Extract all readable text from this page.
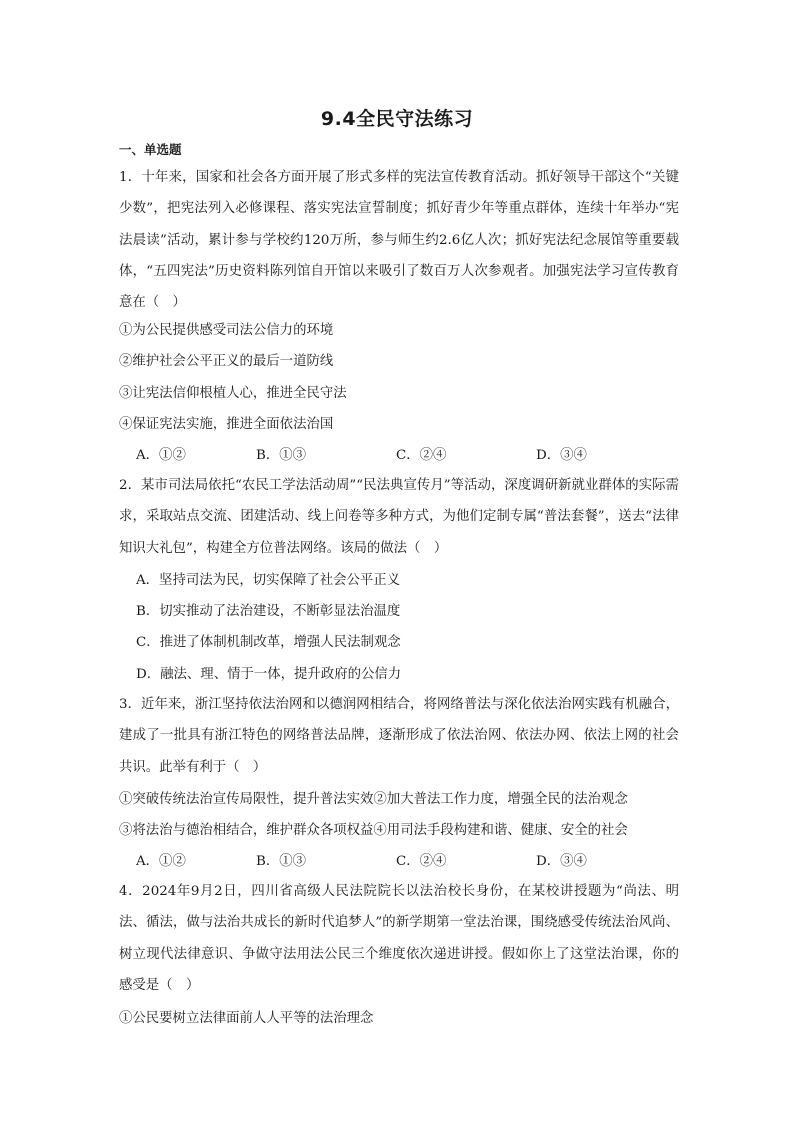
9.4全民守法练习
一、单选题
1．十年来，国家和社会各方面开展了形式多样的宪法宣传教育活动。抓好领导干部这个“关键少数”，把宪法列入必修课程、落实宪法宣誓制度；抓好青少年等重点群体，连续十年举办“宪法晨读”活动，累计参与学校约120万所，参与师生约2.6亿人次；抓好宪法纪念展馆等重要载体，“五四宪法”历史资料陈列馆自开馆以来吸引了数百万人次参观者。加强宪法学习宣传教育意在（　）
①为公民提供感受司法公信力的环境
②维护社会公平正义的最后一道防线
③让宪法信仰根植人心，推进全民守法
④保证宪法实施，推进全面依法治国
A．①②	B．①③	C．②④	D．③④
2．某市司法局依托“农民工学法活动周”“民法典宣传月”等活动，深度调研新就业群体的实际需求，采取站点交流、团建活动、线上问卷等多种方式，为他们定制专属“普法套餐”，送去“法律知识大礼包”，构建全方位普法网络。该局的做法（　）
A．坚持司法为民，切实保障了社会公平正义
B．切实推动了法治建设，不断彰显法治温度
C．推进了体制机制改革，增强人民法制观念
D．融法、理、情于一体，提升政府的公信力
3．近年来，浙江坚持依法治网和以德润网相结合，将网络普法与深化依法治网实践有机融合，建成了一批具有浙江特色的网络普法品牌，逐渐形成了依法治网、依法办网、依法上网的社会共识。此举有利于（　）
①突破传统法治宣传局限性，提升普法实效②加大普法工作力度，增强全民的法治观念
③将法治与德治相结合，维护群众各项权益④用司法手段构建和谐、健康、安全的社会
A．①②	B．①③	C．②④	D．③④
4．2024年9月2日，四川省高级人民法院院长以法治校长身份，在某校讲授题为“尚法、明法、循法，做与法治共成长的新时代追梦人”的新学期第一堂法治课，围绕感受传统法治风尚、树立现代法律意识、争做守法用法公民三个维度依次递进讲授。假如你上了这堂法治课，你的感受是（　）
①公民要树立法律面前人人平等的法治理念
